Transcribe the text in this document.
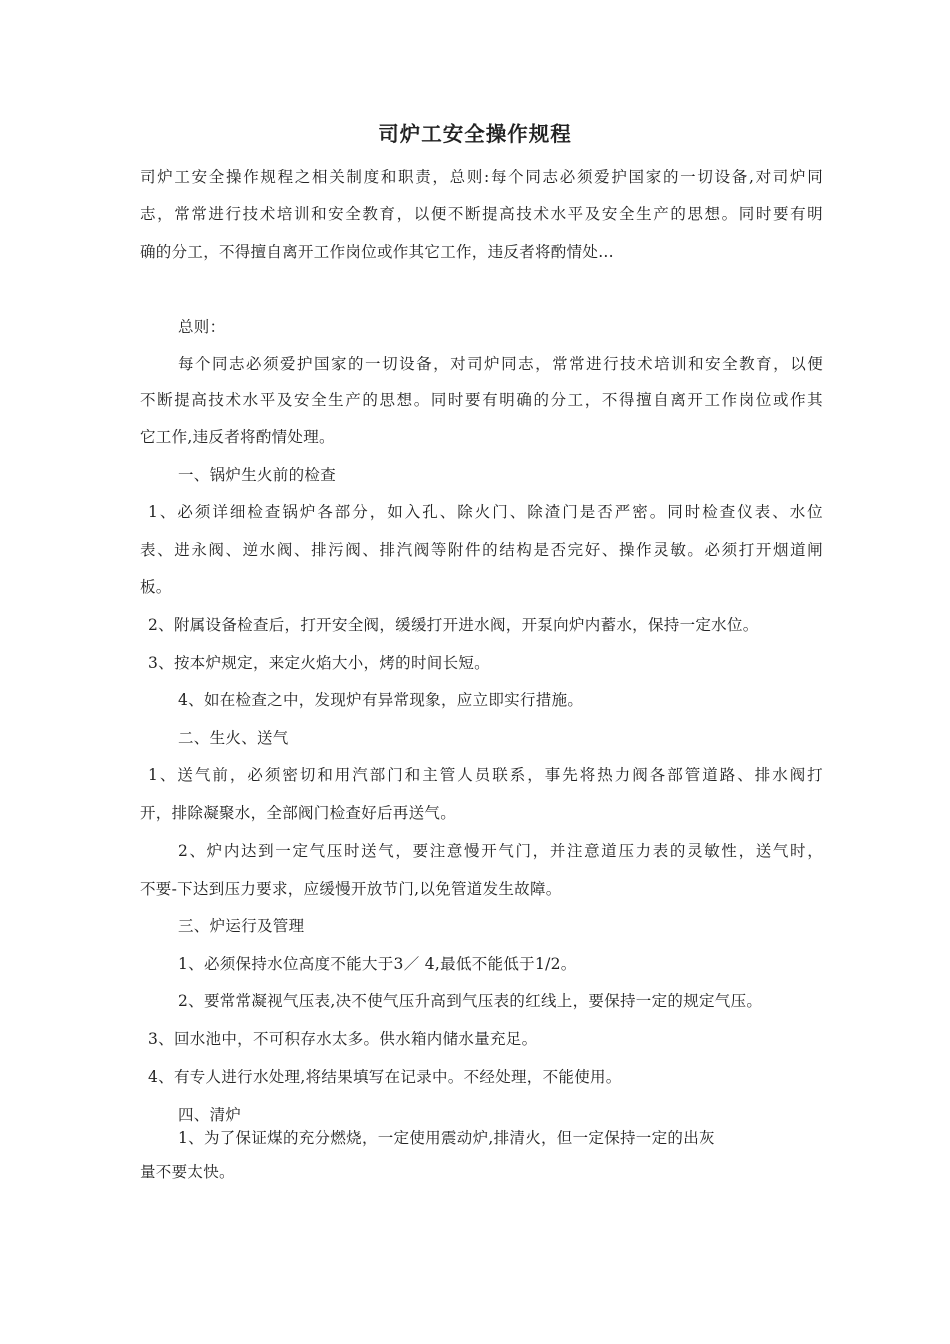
司炉工安全操作规程

司炉工安全操作规程之相关制度和职责，总则:每个同志必须爱护国家的一切设备,对司炉同

志，常常进行技术培训和安全教育，以便不断提高技术水平及安全生产的思想。同时要有明

确的分工，不得擅自离开工作岗位或作其它工作，违反者将酌情处...

总则：

每个同志必须爱护国家的一切设备，对司炉同志，常常进行技术培训和安全教育，以便

不断提高技术水平及安全生产的思想。同时要有明确的分工，不得擅自离开工作岗位或作其

它工作,违反者将酌情处理。

一、锅炉生火前的检查

1、必须详细检查锅炉各部分，如入孔、除火门、除渣门是否严密。同时检查仪表、水位

表、进永阀、逆水阀、排污阀、排汽阀等附件的结构是否完好、操作灵敏。必须打开烟道闸

板。

2、附属设备检查后，打开安全阀，缓缓打开进水阀，开泵向炉内蓄水，保持一定水位。

3、按本炉规定，来定火焰大小，烤的时间长短。

4、如在检查之中，发现炉有异常现象，应立即实行措施。

二、生火、送气

1、送气前，必须密切和用汽部门和主管人员联系，事先将热力阀各部管道路、排水阀打

开，排除凝聚水，全部阀门检查好后再送气。

2、炉内达到一定气压时送气，要注意慢开气门，并注意道压力表的灵敏性，送气时，

不要-下达到压力要求，应缓慢开放节门,以免管道发生故障。

三、炉运行及管理

1、必须保持水位高度不能大于3／ 4,最低不能低于1/2。

2、要常常凝视气压表,决不使气压升高到气压表的红线上，要保持一定的规定气压。

3、回水池中，不可积存水太多。供水箱内储水量充足。

4、有专人进行水处理,将结果填写在记录中。不经处理，不能使用。

四、清炉

1、为了保证煤的充分燃烧，一定使用震动炉,排清火，但一定保持一定的出灰

量不要太快。
